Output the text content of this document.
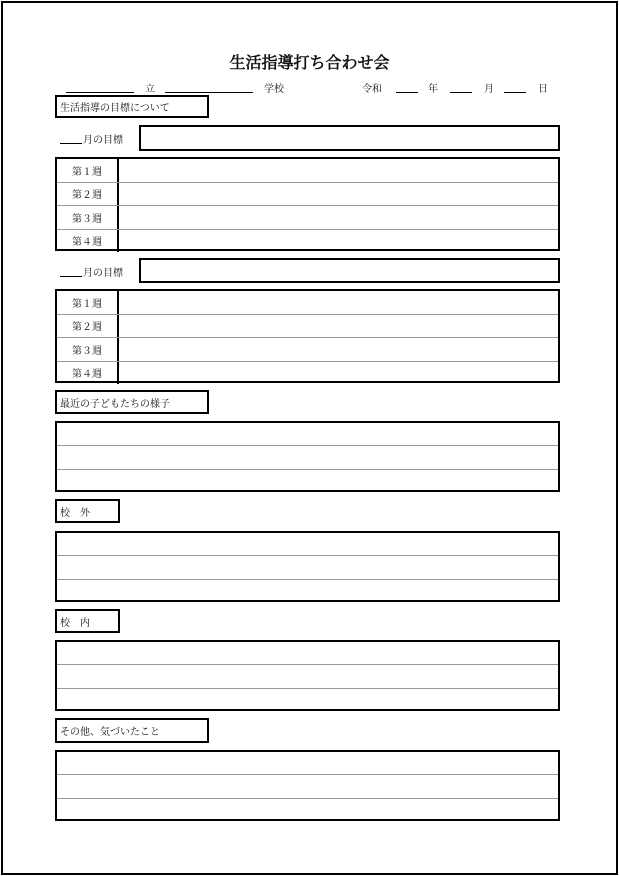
生活指導打ち合わせ会
立	学校	令和	年	月	日
生活指導の目標について
月の目標
第１週
第２週
第３週
第４週
月の目標
第１週
第２週
第３週
第４週
最近の子どもたちの様子
校　外
校　内
その他、気づいたこと
